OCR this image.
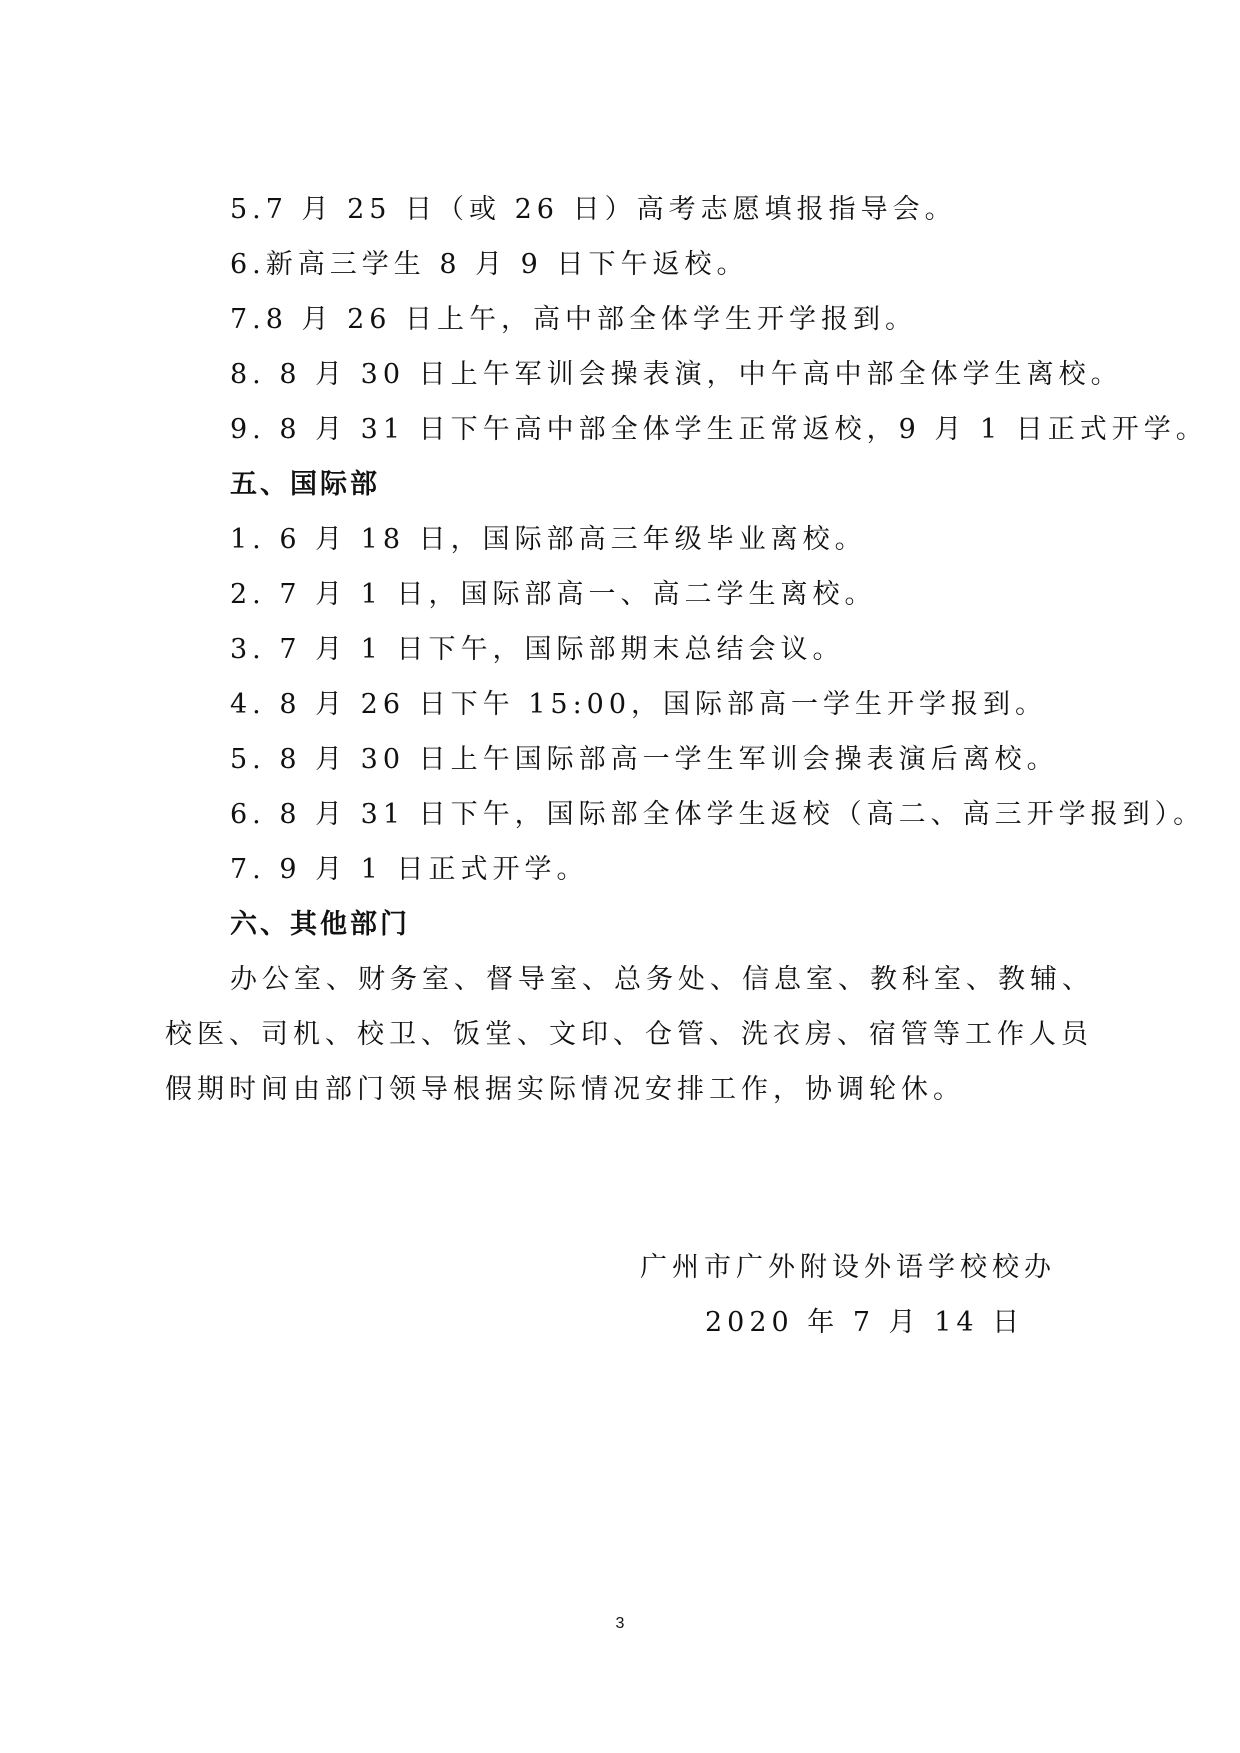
5.7 月 25 日（或 26 日）高考志愿填报指导会。
6.新高三学生 8 月 9 日下午返校。
7.8 月 26 日上午，高中部全体学生开学报到。
8. 8 月 30 日上午军训会操表演，中午高中部全体学生离校。
9. 8 月 31 日下午高中部全体学生正常返校，9 月 1 日正式开学。
五、国际部
1. 6 月 18 日，国际部高三年级毕业离校。
2. 7 月 1 日，国际部高一、高二学生离校。
3. 7 月 1 日下午，国际部期末总结会议。
4. 8 月 26 日下午 15:00，国际部高一学生开学报到。
5. 8 月 30 日上午国际部高一学生军训会操表演后离校。
6. 8 月 31 日下午，国际部全体学生返校（高二、高三开学报到）。
7. 9 月 1 日正式开学。
六、其他部门
办公室、财务室、督导室、总务处、信息室、教科室、教辅、
校医、司机、校卫、饭堂、文印、仓管、洗衣房、宿管等工作人员
假期时间由部门领导根据实际情况安排工作，协调轮休。
广州市广外附设外语学校校办
2020 年 7 月 14 日
3
